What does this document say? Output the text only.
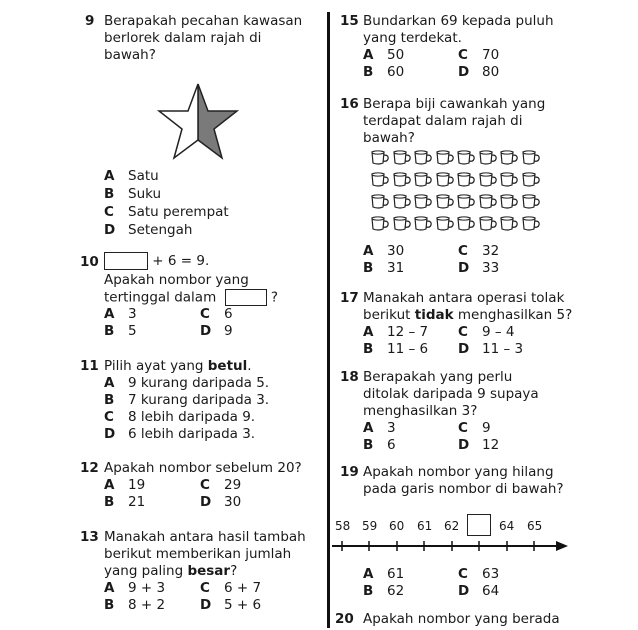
9 Berapakah pecahan kawasan
berlorek dalam rajah di
bawah?
A Satu
B Suku
C Satu perempat
D Setengah
10	+ 6 = 9.
Apakah nombor yang
tertinggal dalam	?
A 3	C 6
B 5	D 9
11 Pilih ayat yang betul.
A 9 kurang daripada 5.
B 7 kurang daripada 3.
C 8 lebih daripada 9.
D 6 lebih daripada 3.
12 Apakah nombor sebelum 20?
A 19	C 29
B 21	D 30
13 Manakah antara hasil tambah
berikut memberikan jumlah
yang paling besar?
A 9 + 3	C 6 + 7
B 8 + 2	D 5 + 6
15 Bundarkan 69 kepada puluh
yang terdekat.
A 50	C 70
B 60	D 80
16 Berapa biji cawankah yang
terdapat dalam rajah di
bawah?
A 30	C 32
B 31	D 33
17 Manakah antara operasi tolak
berikut tidak menghasilkan 5?
A 12 – 7 C 9 – 4
B 11 – 6 D 11 – 3
18 Berapakah yang perlu
ditolak daripada 9 supaya
menghasilkan 3?
A 3	C 9
B 6	D 12
19 Apakah nombor yang hilang
pada garis nombor di bawah?
58 59 60 61 62	64 65
A 61	C 63
B 62	D 64
20 Apakah nombor yang berada
